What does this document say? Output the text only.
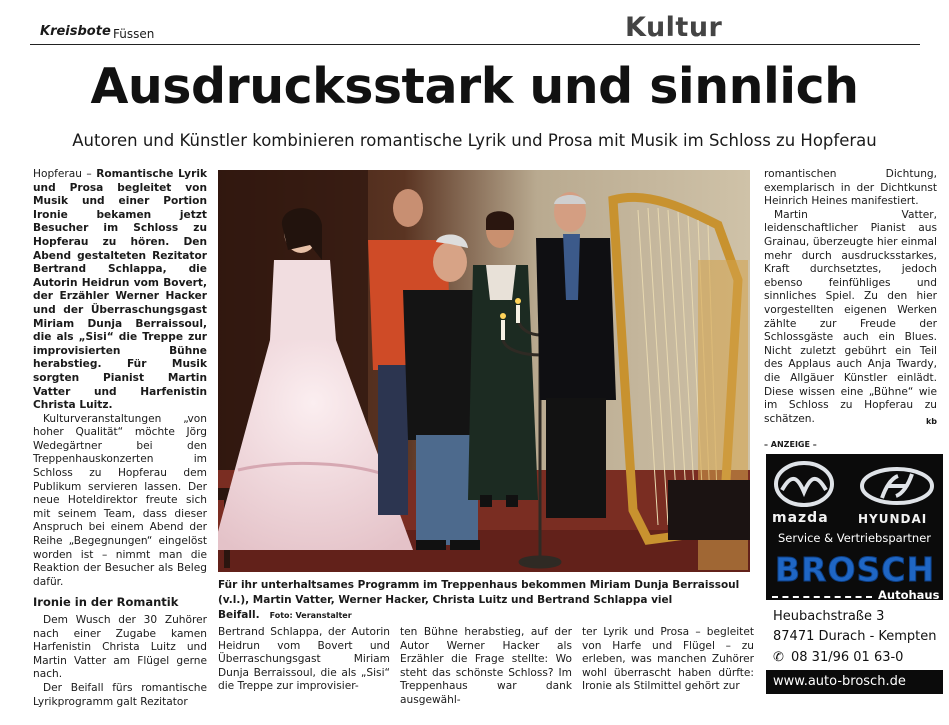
Kreisbote Füssen	Kultur
Ausdrucksstark und sinnlich
Autoren und Künstler kombinieren romantische Lyrik und Prosa mit Musik im Schloss zu Hopferau

Hopferau – Romantische Lyrik und Prosa begleitet von Musik und einer Portion Ironie bekamen jetzt Besucher im Schloss zu Hopferau zu hören. Den Abend gestalteten Rezitator Bertrand Schlappa, die Autorin Heidrun vom Bovert, der Erzähler Werner Hacker und der Überraschungsgast Miriam Dunja Berraissoul, die als „Sisi“ die Treppe zur improvisierten Bühne herabstieg. Für Musik sorgten Pianist Martin Vatter und Harfenistin Christa Luitz.

Kulturveranstaltungen „von hoher Qualität“ möchte Jörg Wedegärtner bei den Treppenhauskonzerten im Schloss zu Hopferau dem Publikum servieren lassen. Der neue Hoteldirektor freute sich mit seinem Team, dass dieser Anspruch bei einem Abend der Reihe „Begegnungen“ eingelöst worden ist – nimmt man die Reaktion der Besucher als Beleg dafür.

Ironie in der Romantik

Dem Wusch der 30 Zuhörer nach einer Zugabe kamen Harfenistin Christa Luitz und Martin Vatter am Flügel gerne nach.

Der Beifall fürs romantische Lyrikprogramm galt Rezitator

Für ihr unterhaltsames Programm im Treppenhaus bekommen Miriam Dunja Berraissoul (v.l.), Martin Vatter, Werner Hacker, Christa Luitz und Bertrand Schlappa viel Beifall. Foto: Veranstalter
Bertrand Schlappa, der Autorin Heidrun vom Bovert und Überraschungsgast Miriam Dunja Berraissoul, die als „Sisi“ die Treppe zur improvisier-
ten Bühne herabstieg, auf der Autor Werner Hacker als Erzähler die Frage stellte: Wo steht das schönste Schloss? Im Treppenhaus war dank ausgewähl-
ter Lyrik und Prosa – begleitet von Harfe und Flügel – zu erleben, was manchen Zuhörer wohl überrascht haben dürfte: Ironie als Stilmittel gehört zur

romantischen Dichtung, exemplarisch in der Dichtkunst Heinrich Heines manifestiert.

Martin Vatter, leidenschaftlicher Pianist aus Grainau, überzeugte hier einmal mehr durch ausdrucksstarkes, Kraft durchsetztes, jedoch ebenso feinfühliges und sinnliches Spiel. Zu den hier vorgestellten eigenen Werken zählte zur Freude der Schlossgäste auch ein Blues. Nicht zuletzt gebührt ein Teil des Applaus auch Anja Twardy, die Allgäuer Künstler einlädt. Diese wissen eine „Bühne“ wie im Schloss zu Hopferau zu schätzen.	kb

– ANZEIGE –
mazda	HYUNDAI
Service & Vertriebspartner
BROSCH
Autohaus
Heubachstraße 3
87471 Durach - Kempten
✆ 08 31/96 01 63-0
www.auto-brosch.de
